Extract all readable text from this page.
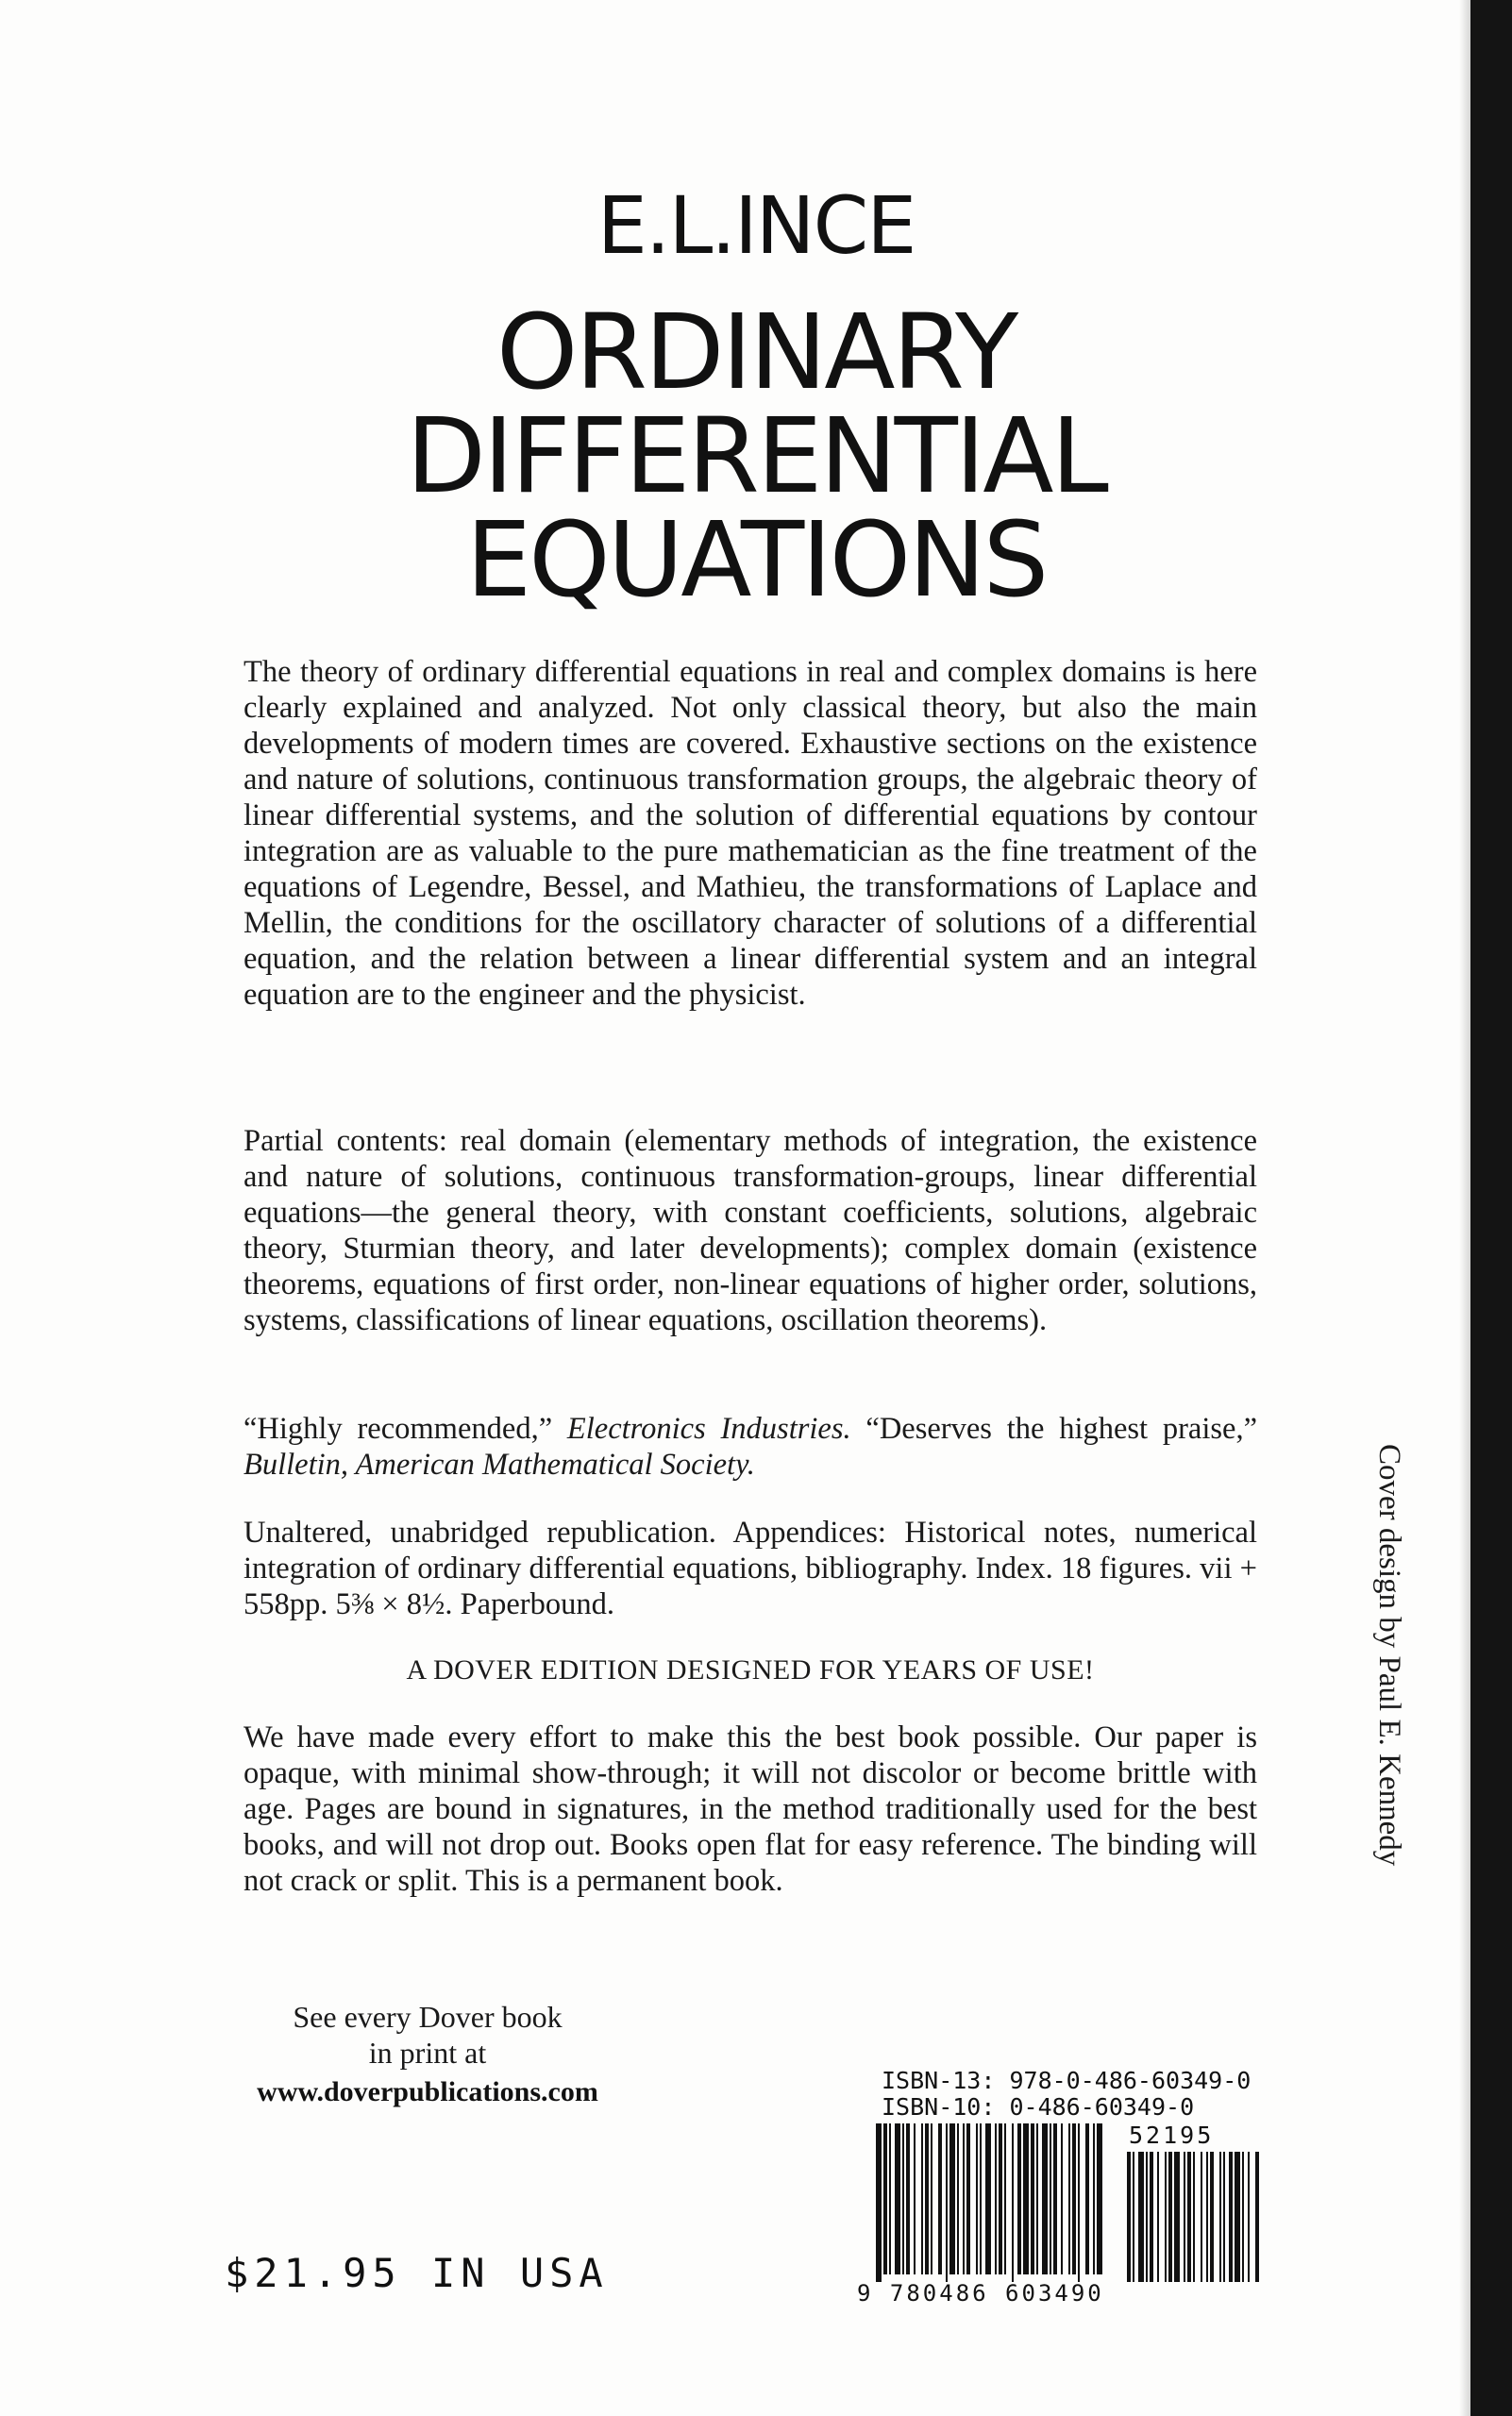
E.L.INCE
ORDINARY
DIFFERENTIAL
EQUATIONS

The theory of ordinary differential equations in real and complex domains is here clearly explained and analyzed. Not only classical theory, but also the main developments of modern times are covered. Exhaustive sections on the existence and nature of solutions, continuous transformation groups, the algebraic theory of linear differential systems, and the solution of differential equations by contour integration are as valuable to the pure mathematician as the fine treatment of the equations of Legendre, Bessel, and Mathieu, the transformations of Laplace and Mellin, the conditions for the oscillatory character of solutions of a differential equation, and the relation between a linear differential system and an integral equation are to the engineer and the physicist.

Partial contents: real domain (elementary methods of integration, the existence and nature of solutions, continuous transformation-groups, linear differential equations—the general theory, with constant coefficients, solutions, algebraic theory, Sturmian theory, and later developments); complex domain (existence theorems, equations of first order, non-linear equations of higher order, solutions, systems, classifications of linear equations, oscillation theorems).

“Highly recommended,” Electronics Industries. “Deserves the highest praise,” Bulletin, American Mathematical Society.

Unaltered, unabridged republication. Appendices: Historical notes, numerical integration of ordinary differential equations, bibliography. Index. 18 figures. vii + 558pp. 5⅜ × 8½. Paperbound.

A DOVER EDITION DESIGNED FOR YEARS OF USE!

We have made every effort to make this the best book possible. Our paper is opaque, with minimal show-through; it will not discolor or become brittle with age. Pages are bound in signatures, in the method traditionally used for the best books, and will not drop out. Books open flat for easy reference. The binding will not crack or split. This is a permanent book.

Cover design by Paul E. Kennedy
See every Dover book
in print at
www.doverpublications.com
$21.95 IN USA
ISBN-13: 978-0-486-60349-0
ISBN-10: 0-486-60349-0
52195
9 780486 603490
